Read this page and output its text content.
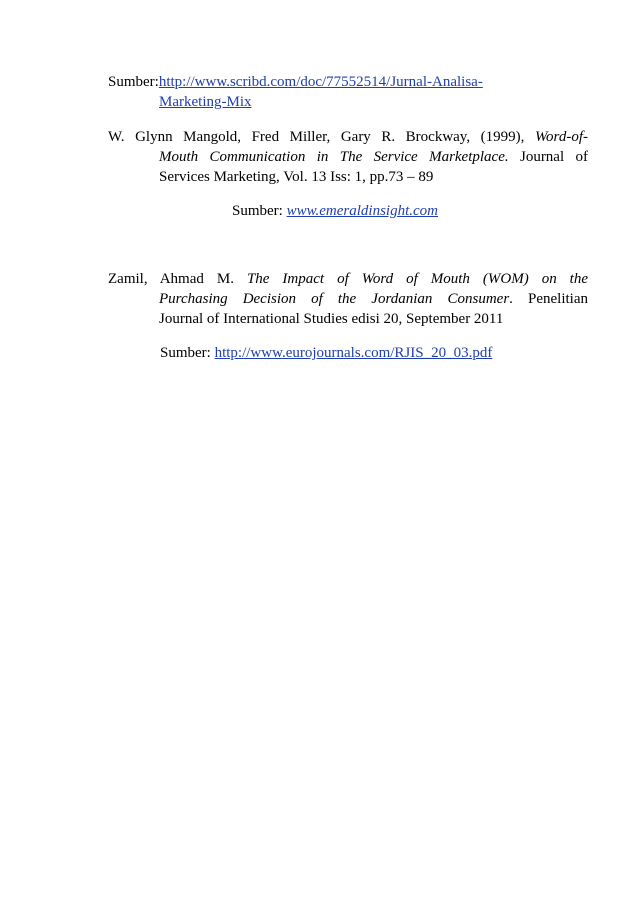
Sumber:http://www.scribd.com/doc/77552514/Jurnal-Analisa-
Marketing-Mix
W. Glynn Mangold, Fred Miller, Gary R. Brockway, (1999), Word-of-
Mouth Communication in The Service Marketplace. Journal of
Services Marketing, Vol. 13 Iss: 1, pp.73 – 89
Sumber: www.emeraldinsight.com
Zamil, Ahmad M. The Impact of Word of Mouth (WOM) on the
Purchasing Decision of the Jordanian Consumer. Penelitian
Journal of International Studies edisi 20, September 2011
Sumber: http://www.eurojournals.com/RJIS_20_03.pdf
